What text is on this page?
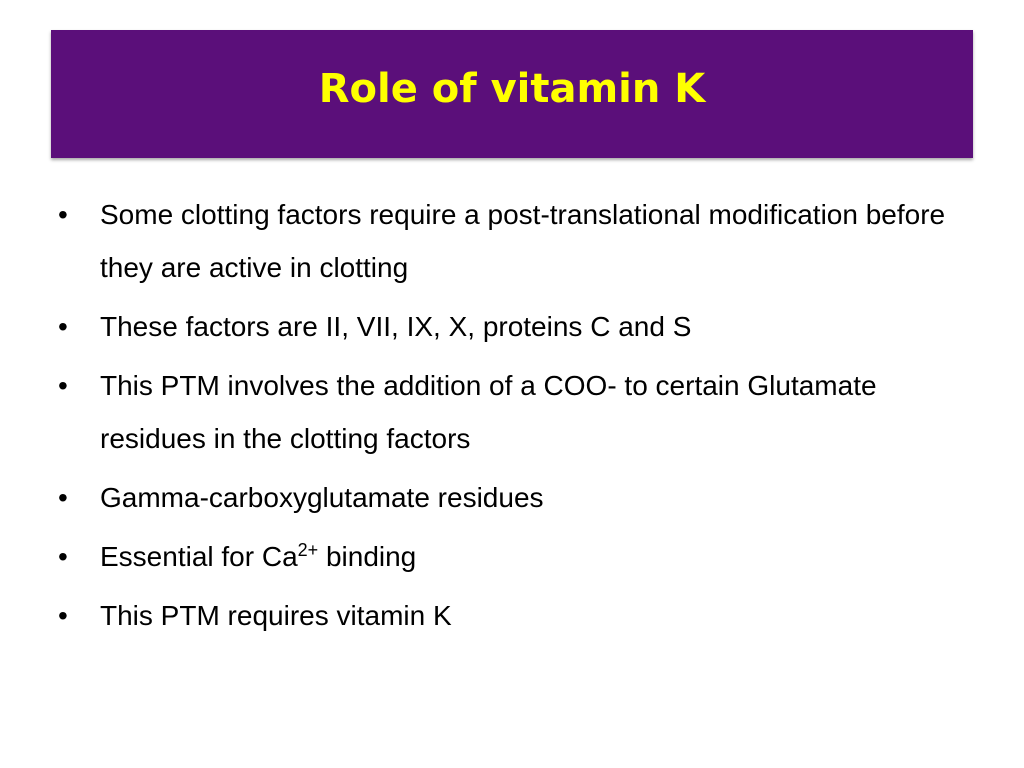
Role of vitamin K
•	Some clotting factors require a post-translational modification before they are active in clotting
•	These factors are II, VII, IX, X, proteins C and S
•	This PTM involves the addition of a COO- to certain Glutamate residues in the clotting factors
•	Gamma-carboxyglutamate residues
•	Essential for $Ca^{2+}$ binding
•	This PTM requires vitamin K
